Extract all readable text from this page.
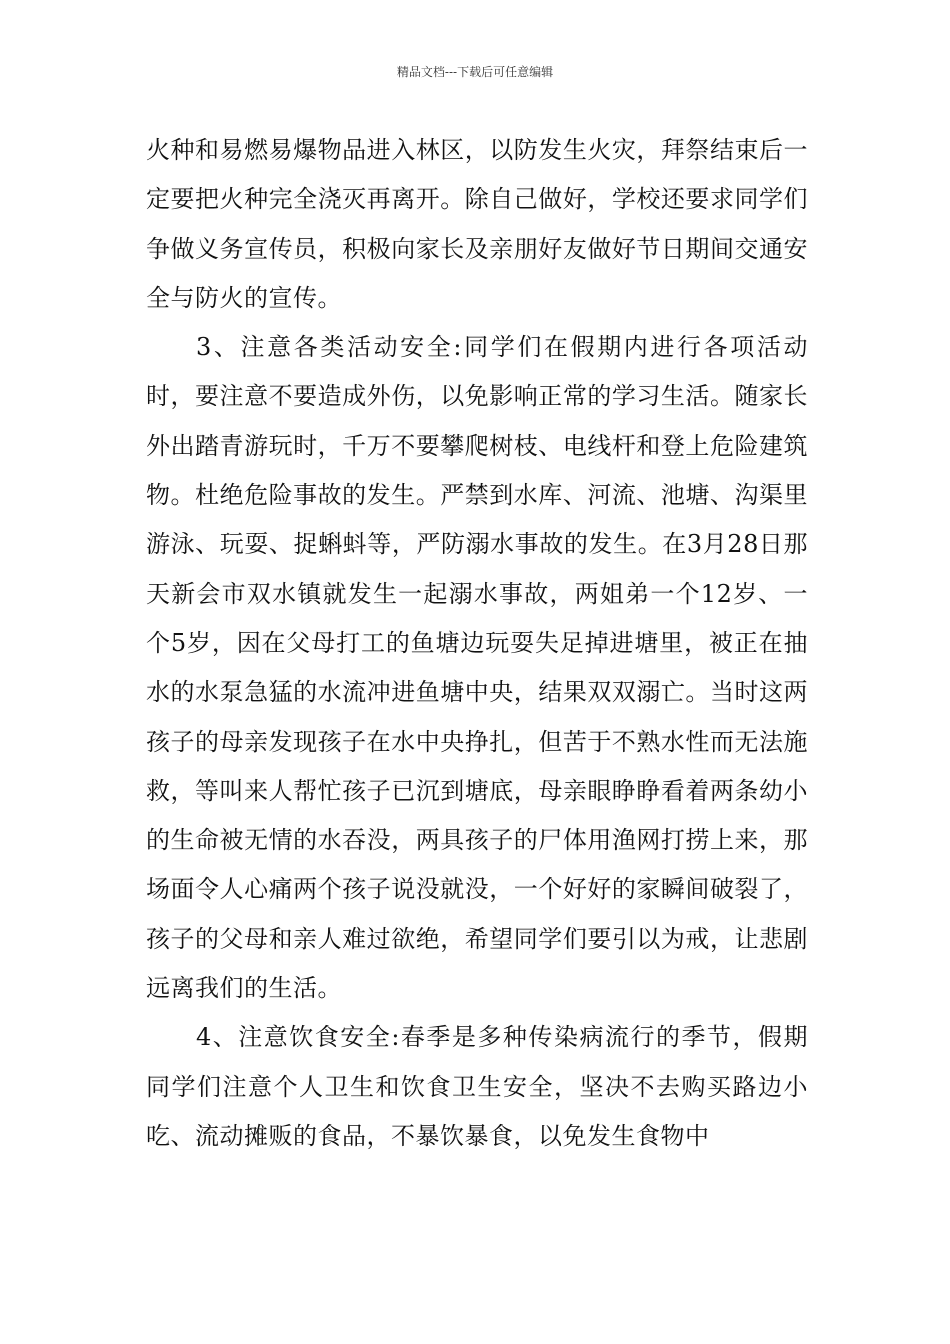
精品文档---下载后可任意编辑

火种和易燃易爆物品进入林区，以防发生火灾，拜祭结束后一定要把火种完全浇灭再离开。除自己做好，学校还要求同学们争做义务宣传员，积极向家长及亲朋好友做好节日期间交通安全与防火的宣传。

3、注意各类活动安全:同学们在假期内进行各项活动时，要注意不要造成外伤，以免影响正常的学习生活。随家长外出踏青游玩时，千万不要攀爬树枝、电线杆和登上危险建筑物。杜绝危险事故的发生。严禁到水库、河流、池塘、沟渠里游泳、玩耍、捉蝌蚪等，严防溺水事故的发生。在3月28日那天新会市双水镇就发生一起溺水事故，两姐弟一个12岁、一个5岁，因在父母打工的鱼塘边玩耍失足掉进塘里，被正在抽水的水泵急猛的水流冲进鱼塘中央，结果双双溺亡。当时这两孩子的母亲发现孩子在水中央挣扎，但苦于不熟水性而无法施救，等叫来人帮忙孩子已沉到塘底，母亲眼睁睁看着两条幼小的生命被无情的水吞没，两具孩子的尸体用渔网打捞上来，那场面令人心痛两个孩子说没就没，一个好好的家瞬间破裂了，孩子的父母和亲人难过欲绝，希望同学们要引以为戒，让悲剧远离我们的生活。

4、注意饮食安全:春季是多种传染病流行的季节，假期同学们注意个人卫生和饮食卫生安全，坚决不去购买路边小吃、流动摊贩的食品，不暴饮暴食，以免发生食物中
